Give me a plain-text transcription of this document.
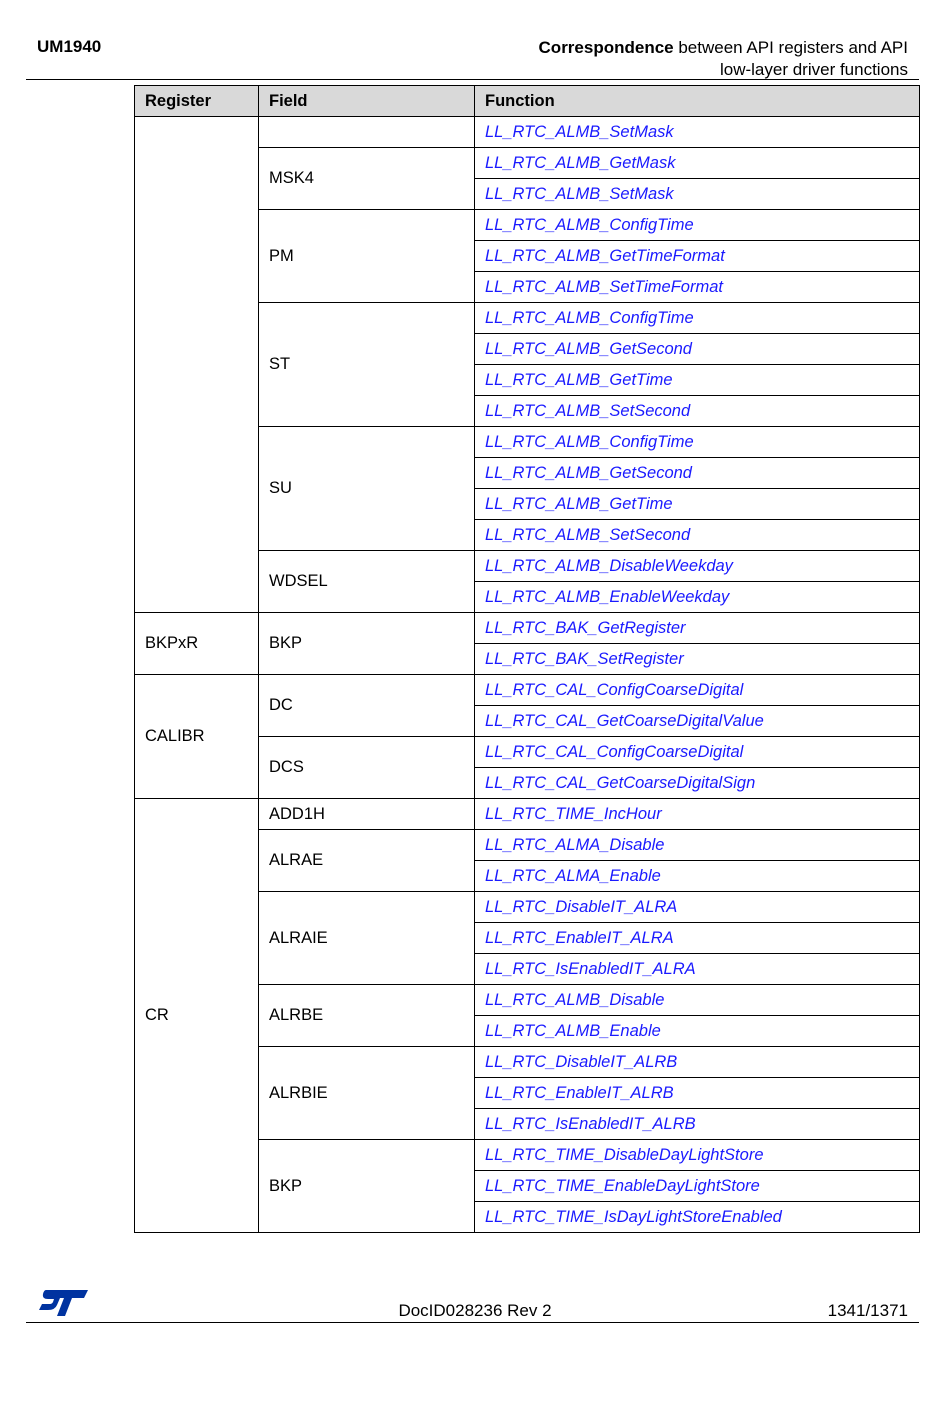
UM1940	Correspondence between API registers and API
low-layer driver functions
Register	Field	Function
		LL_RTC_ALMB_SetMask
	MSK4	LL_RTC_ALMB_GetMask
		LL_RTC_ALMB_SetMask
	PM	LL_RTC_ALMB_ConfigTime
		LL_RTC_ALMB_GetTimeFormat
		LL_RTC_ALMB_SetTimeFormat
	ST	LL_RTC_ALMB_ConfigTime
		LL_RTC_ALMB_GetSecond
		LL_RTC_ALMB_GetTime
		LL_RTC_ALMB_SetSecond
	SU	LL_RTC_ALMB_ConfigTime
		LL_RTC_ALMB_GetSecond
		LL_RTC_ALMB_GetTime
		LL_RTC_ALMB_SetSecond
	WDSEL	LL_RTC_ALMB_DisableWeekday
		LL_RTC_ALMB_EnableWeekday
BKPxR	BKP	LL_RTC_BAK_GetRegister
		LL_RTC_BAK_SetRegister
CALIBR	DC	LL_RTC_CAL_ConfigCoarseDigital
		LL_RTC_CAL_GetCoarseDigitalValue
	DCS	LL_RTC_CAL_ConfigCoarseDigital
		LL_RTC_CAL_GetCoarseDigitalSign
CR	ADD1H	LL_RTC_TIME_IncHour
	ALRAE	LL_RTC_ALMA_Disable
		LL_RTC_ALMA_Enable
	ALRAIE	LL_RTC_DisableIT_ALRA
		LL_RTC_EnableIT_ALRA
		LL_RTC_IsEnabledIT_ALRA
	ALRBE	LL_RTC_ALMB_Disable
		LL_RTC_ALMB_Enable
	ALRBIE	LL_RTC_DisableIT_ALRB
		LL_RTC_EnableIT_ALRB
		LL_RTC_IsEnabledIT_ALRB
	BKP	LL_RTC_TIME_DisableDayLightStore
		LL_RTC_TIME_EnableDayLightStore
		LL_RTC_TIME_IsDayLightStoreEnabled
DocID028236 Rev 2	1341/1371
